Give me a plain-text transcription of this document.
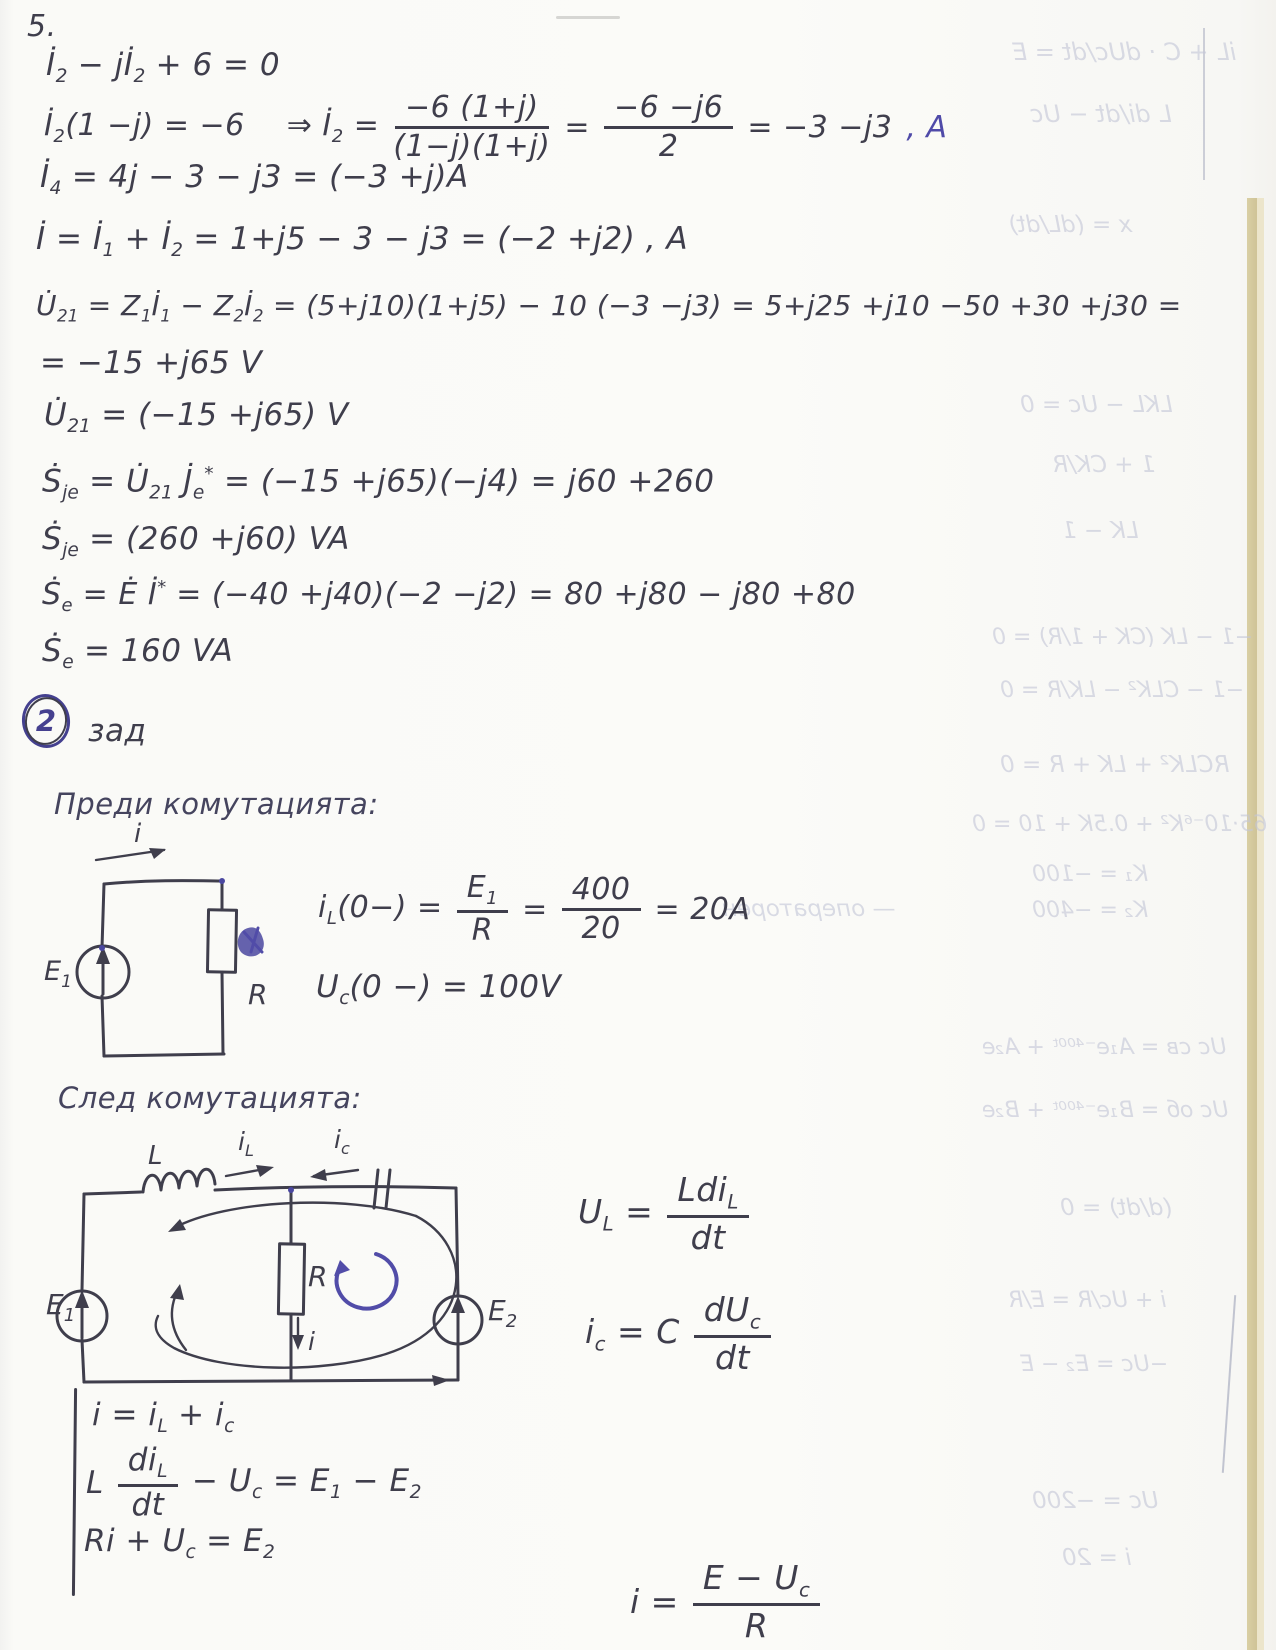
iL + C · dUc/dt = E
L di/dt − Uc
x = (dL/dt)
LKL − Uc = 0
1 + CK/R
LK − 1
−1 − LK (CK + 1/R) = 0
−1 − CLK² − LK/R = 0
RCLK² + LK + R = 0
65·10⁻⁶K² + 0.5K + 10 = 0
K₁ = −100
K₂ = −400
— операторен
Uc св = A₁e⁻⁴⁰⁰ᵗ + A₂e
Uc об = B₁e⁻⁴⁰⁰ᵗ + B₂e
(d/dt) = 0
i + Uc/R = E/R
−Uc = E₂ − E
Uc = −200
i = 20
5.
$İ_2$ − $jİ_2 + 6 = 0$
$İ_4 = 4j - 3 - j3 = (-3 +j)A$
İ = $İ_1$ + $İ_2 = 1+j5 - 3 - j3 = (-2 +j2)$ , A
$U̇_{21}$ = $Z_1İ_1$ − $Z_2İ_2 = (5+j10)(1+j5) - 10$ (−3 −j3) = 5+j25 +j10 −50 +30 +j30 =
= −15 +j65 V
$U̇_{21} = (-15 +j65)$ V
Ṡ$_{je}$ = $U̇_{21}$ $J̇_e^* = (-15 +j65)(-j4) = j60 +260$
Ṡ$_{je}$ = (260 +j60) VA
Ṡ$_e$ = Ė İ* = (−40 +j40)(−2 −j2) = 80 +j80 − j80 +80
Ṡ$_e$ = 160 VA
$İ_2(1 -j) = -6$ ⇒ $İ_2 = \frac{-6 (1+j)}{(1-j)(1+j)} = \frac{-6 -j6}{2} = -3 -j3$ , A
2	зад
Преди комутацията:
i
$E_1$	R
$i_L(0-) = \frac{E_1}{R} = \frac{400}{20} = 20A$
$U_c(0$ −) = 100V
След комутацията:
L	$i_L$	$i_c$
$E_1$	$E_2$
R
i
$U_L = \frac{Ldi_L}{dt}$
$i_c = C \frac{dU_c}{dt}$
$i = i_L + i_c$
L $\frac{di_L}{dt} - U_c = E_1 - E_2$
$Ri + U_c = E_2$
$i = \frac{E - U_c}{R}$
